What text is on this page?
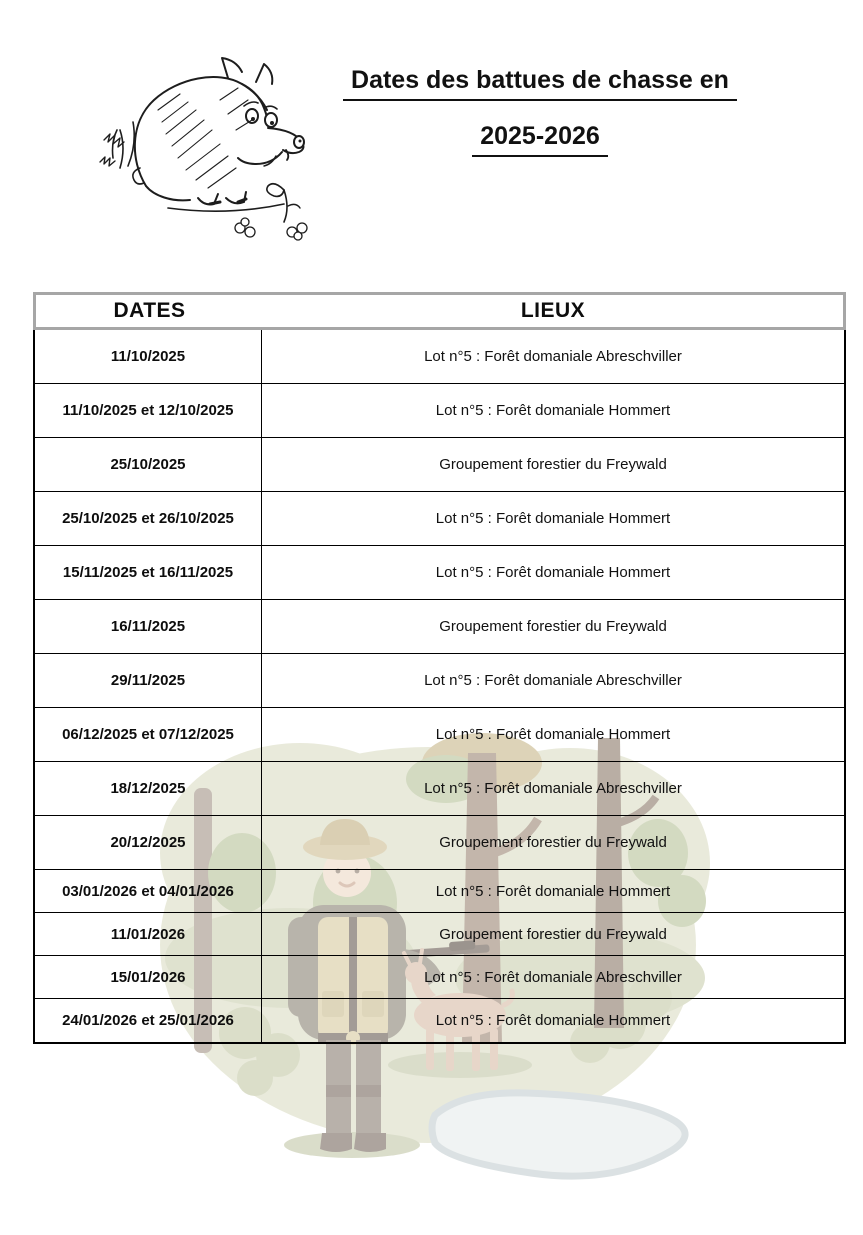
Dates des battues de chasse en
2025-2026
DATES	LIEUX
11/10/2025	Lot n°5 : Forêt domaniale Abreschviller
11/10/2025 et 12/10/2025	Lot n°5 : Forêt domaniale Hommert
25/10/2025	Groupement forestier du Freywald
25/10/2025 et 26/10/2025	Lot n°5 : Forêt domaniale Hommert
15/11/2025 et 16/11/2025	Lot n°5 : Forêt domaniale Hommert
16/11/2025	Groupement forestier du Freywald
29/11/2025	Lot n°5 : Forêt domaniale Abreschviller
06/12/2025 et 07/12/2025	Lot n°5 : Forêt domaniale Hommert
18/12/2025	Lot n°5 : Forêt domaniale Abreschviller
20/12/2025	Groupement forestier du Freywald
03/01/2026 et 04/01/2026	Lot n°5 : Forêt domaniale Hommert
11/01/2026	Groupement forestier du Freywald
15/01/2026	Lot n°5 : Forêt domaniale Abreschviller
24/01/2026 et 25/01/2026	Lot n°5 : Forêt domaniale Hommert
